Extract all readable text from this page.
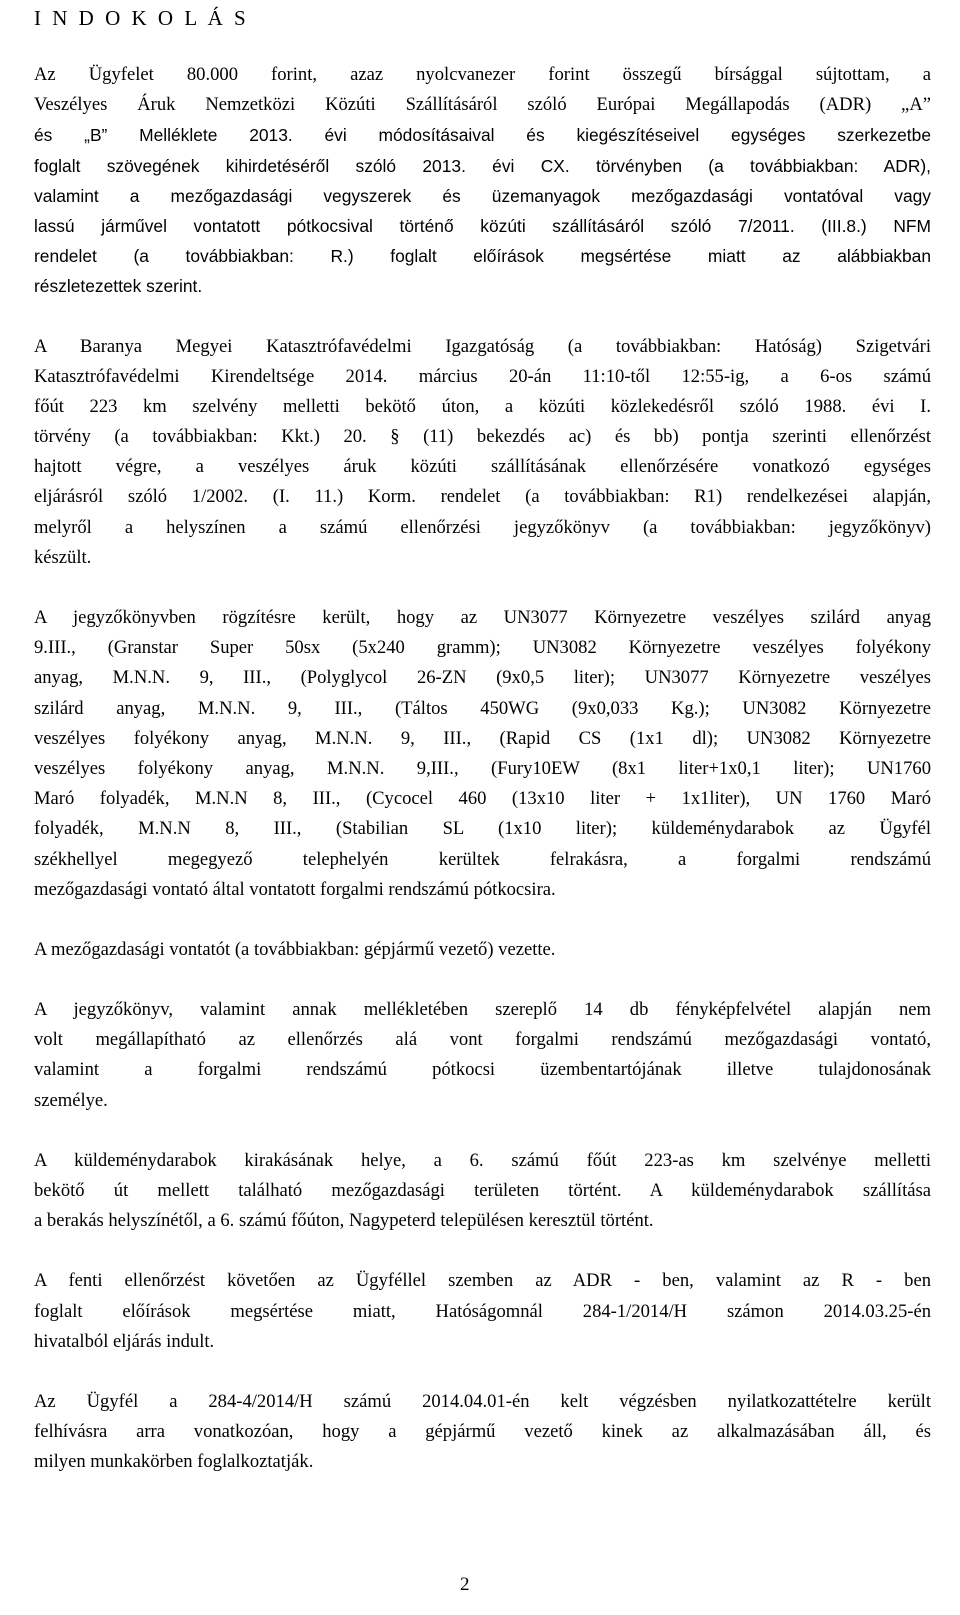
I N D O K O L Á S
Az Ügyfelet 80.000 forint, azaz nyolcvanezer forint összegű bírsággal sújtottam, a
Veszélyes Áruk Nemzetközi Közúti Szállításáról szóló Európai Megállapodás (ADR) „A”
és „B” Melléklete 2013. évi módosításaival és kiegészítéseivel egységes szerkezetbe
foglalt szövegének kihirdetéséről szóló 2013. évi CX. törvényben (a továbbiakban: ADR),
valamint a mezőgazdasági vegyszerek és üzemanyagok mezőgazdasági vontatóval vagy
lassú járművel vontatott pótkocsival történő közúti szállításáról szóló 7/2011. (III.8.) NFM
rendelet (a továbbiakban: R.) foglalt előírások megsértése miatt az alábbiakban
részletezettek szerint.
A Baranya Megyei Katasztrófavédelmi Igazgatóság (a továbbiakban: Hatóság) Szigetvári
Katasztrófavédelmi Kirendeltsége 2014. március 20-án 11:10-től 12:55-ig, a 6-os számú
főút 223 km szelvény melletti bekötő úton, a közúti közlekedésről szóló 1988. évi I.
törvény (a továbbiakban: Kkt.) 20. § (11) bekezdés ac) és bb) pontja szerinti ellenőrzést
hajtott végre, a veszélyes áruk közúti szállításának ellenőrzésére vonatkozó egységes
eljárásról szóló 1/2002. (I. 11.) Korm. rendelet (a továbbiakban: R1) rendelkezései alapján,
melyről a helyszínen a számú ellenőrzési jegyzőkönyv (a továbbiakban: jegyzőkönyv)
készült.
A jegyzőkönyvben rögzítésre került, hogy az UN3077 Környezetre veszélyes szilárd anyag
9.III., (Granstar Super 50sx (5x240 gramm); UN3082 Környezetre veszélyes folyékony
anyag, M.N.N. 9, III., (Polyglycol 26-ZN (9x0,5 liter); UN3077 Környezetre veszélyes
szilárd anyag, M.N.N. 9, III., (Táltos 450WG (9x0,033 Kg.); UN3082 Környezetre
veszélyes folyékony anyag, M.N.N. 9, III., (Rapid CS (1x1 dl); UN3082 Környezetre
veszélyes folyékony anyag, M.N.N. 9,III., (Fury10EW (8x1 liter+1x0,1 liter); UN1760
Maró folyadék, M.N.N 8, III., (Cycocel 460 (13x10 liter + 1x1liter), UN 1760 Maró
folyadék, M.N.N 8, III., (Stabilian SL (1x10 liter); küldeménydarabok az Ügyfél
székhellyel megegyező telephelyén kerültek felrakásra, a forgalmi rendszámú
mezőgazdasági vontató által vontatott forgalmi rendszámú pótkocsira.
A mezőgazdasági vontatót (a továbbiakban: gépjármű vezető) vezette.
A jegyzőkönyv, valamint annak mellékletében szereplő 14 db fényképfelvétel alapján nem
volt megállapítható az ellenőrzés alá vont forgalmi rendszámú mezőgazdasági vontató,
valamint a forgalmi rendszámú pótkocsi üzembentartójának illetve tulajdonosának
személye.
A küldeménydarabok kirakásának helye, a 6. számú főút 223-as km szelvénye melletti
bekötő út mellett található mezőgazdasági területen történt. A küldeménydarabok szállítása
a berakás helyszínétől, a 6. számú főúton, Nagypeterd településen keresztül történt.
A fenti ellenőrzést követően az Ügyféllel szemben az ADR - ben, valamint az R - ben
foglalt előírások megsértése miatt, Hatóságomnál 284-1/2014/H számon 2014.03.25-én
hivatalból eljárás indult.
Az Ügyfél a 284-4/2014/H számú 2014.04.01-én kelt végzésben nyilatkozattételre került
felhívásra arra vonatkozóan, hogy a gépjármű vezető kinek az alkalmazásában áll, és
milyen munkakörben foglalkoztatják.
2
